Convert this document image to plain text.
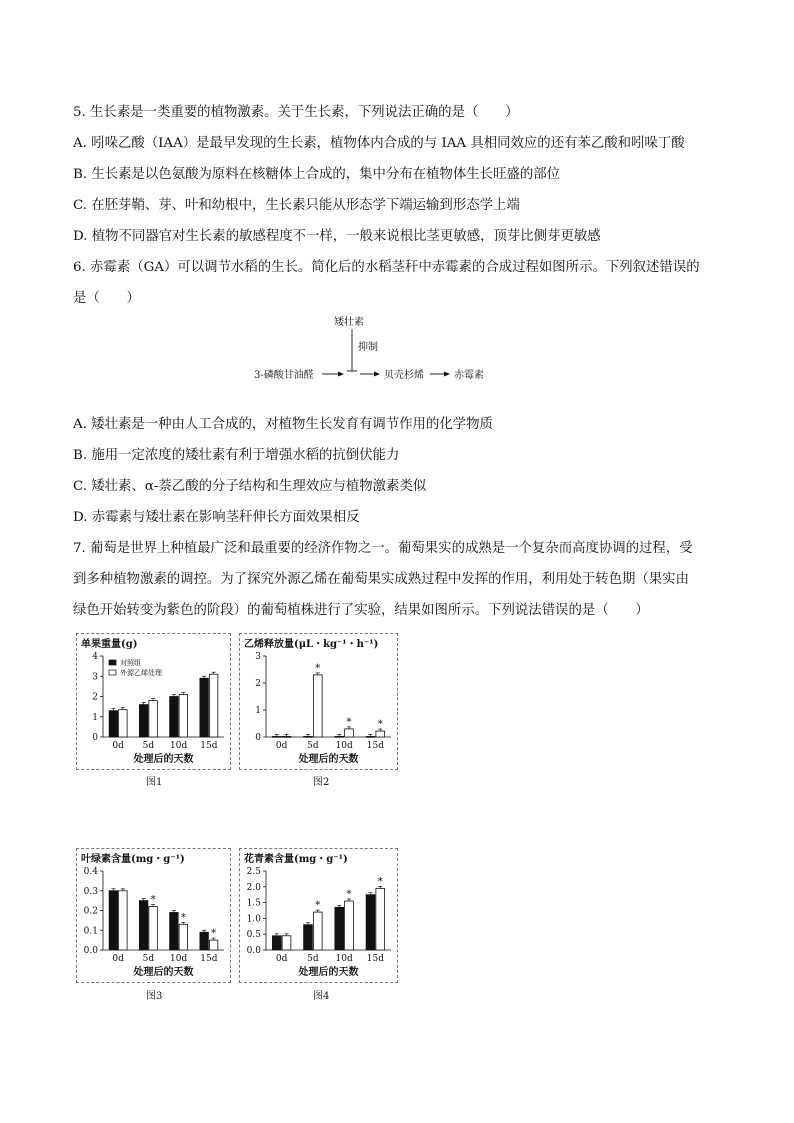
5. 生长素是一类重要的植物激素。关于生长素，下列说法正确的是（　　）
A. 吲哚乙酸（IAA）是最早发现的生长素，植物体内合成的与 IAA 具相同效应的还有苯乙酸和吲哚丁酸
B. 生长素是以色氨酸为原料在核糖体上合成的，集中分布在植物体生长旺盛的部位
C. 在胚芽鞘、芽、叶和幼根中，生长素只能从形态学下端运输到形态学上端
D. 植物不同器官对生长素的敏感程度不一样，一般来说根比茎更敏感，顶芽比侧芽更敏感
6. 赤霉素（GA）可以调节水稻的生长。简化后的水稻茎秆中赤霉素的合成过程如图所示。下列叙述错误的
是（　　）
矮壮素
抑制
3-磷酸甘油醛	贝壳杉烯	赤霉素
A. 矮壮素是一种由人工合成的，对植物生长发育有调节作用的化学物质
B. 施用一定浓度的矮壮素有利于增强水稻的抗倒伏能力
C. 矮壮素、α-萘乙酸的分子结构和生理效应与植物激素类似
D. 赤霉素与矮壮素在影响茎秆伸长方面效果相反
7. 葡萄是世界上种植最广泛和最重要的经济作物之一。葡萄果实的成熟是一个复杂而高度协调的过程，受
到多种植物激素的调控。为了探究外源乙烯在葡萄果实成熟过程中发挥的作用，利用处于转色期（果实由
绿色开始转变为紫色的阶段）的葡萄植株进行了实验，结果如图所示。下列说法错误的是（　　）
单果重量(g)
0
1
2
3
4
0d 5d 10d 15d
处理后的天数
对照组
外源乙烯处理
图1
乙烯释放量(μL・kg⁻¹・h⁻¹)
0
1
2
3
0d
*
5d
*
10d
*
15d
处理后的天数
图2
叶绿素含量(mg・g⁻¹)
0.0
0.1
0.2
0.3
0.4
0d
*
5d
*
10d
*
15d
处理后的天数
图3
花青素含量(mg・g⁻¹)
0.0
0.5
1.0
1.5
2.0
2.5
0d
*
5d
*
10d
*
15d
处理后的天数
图4
